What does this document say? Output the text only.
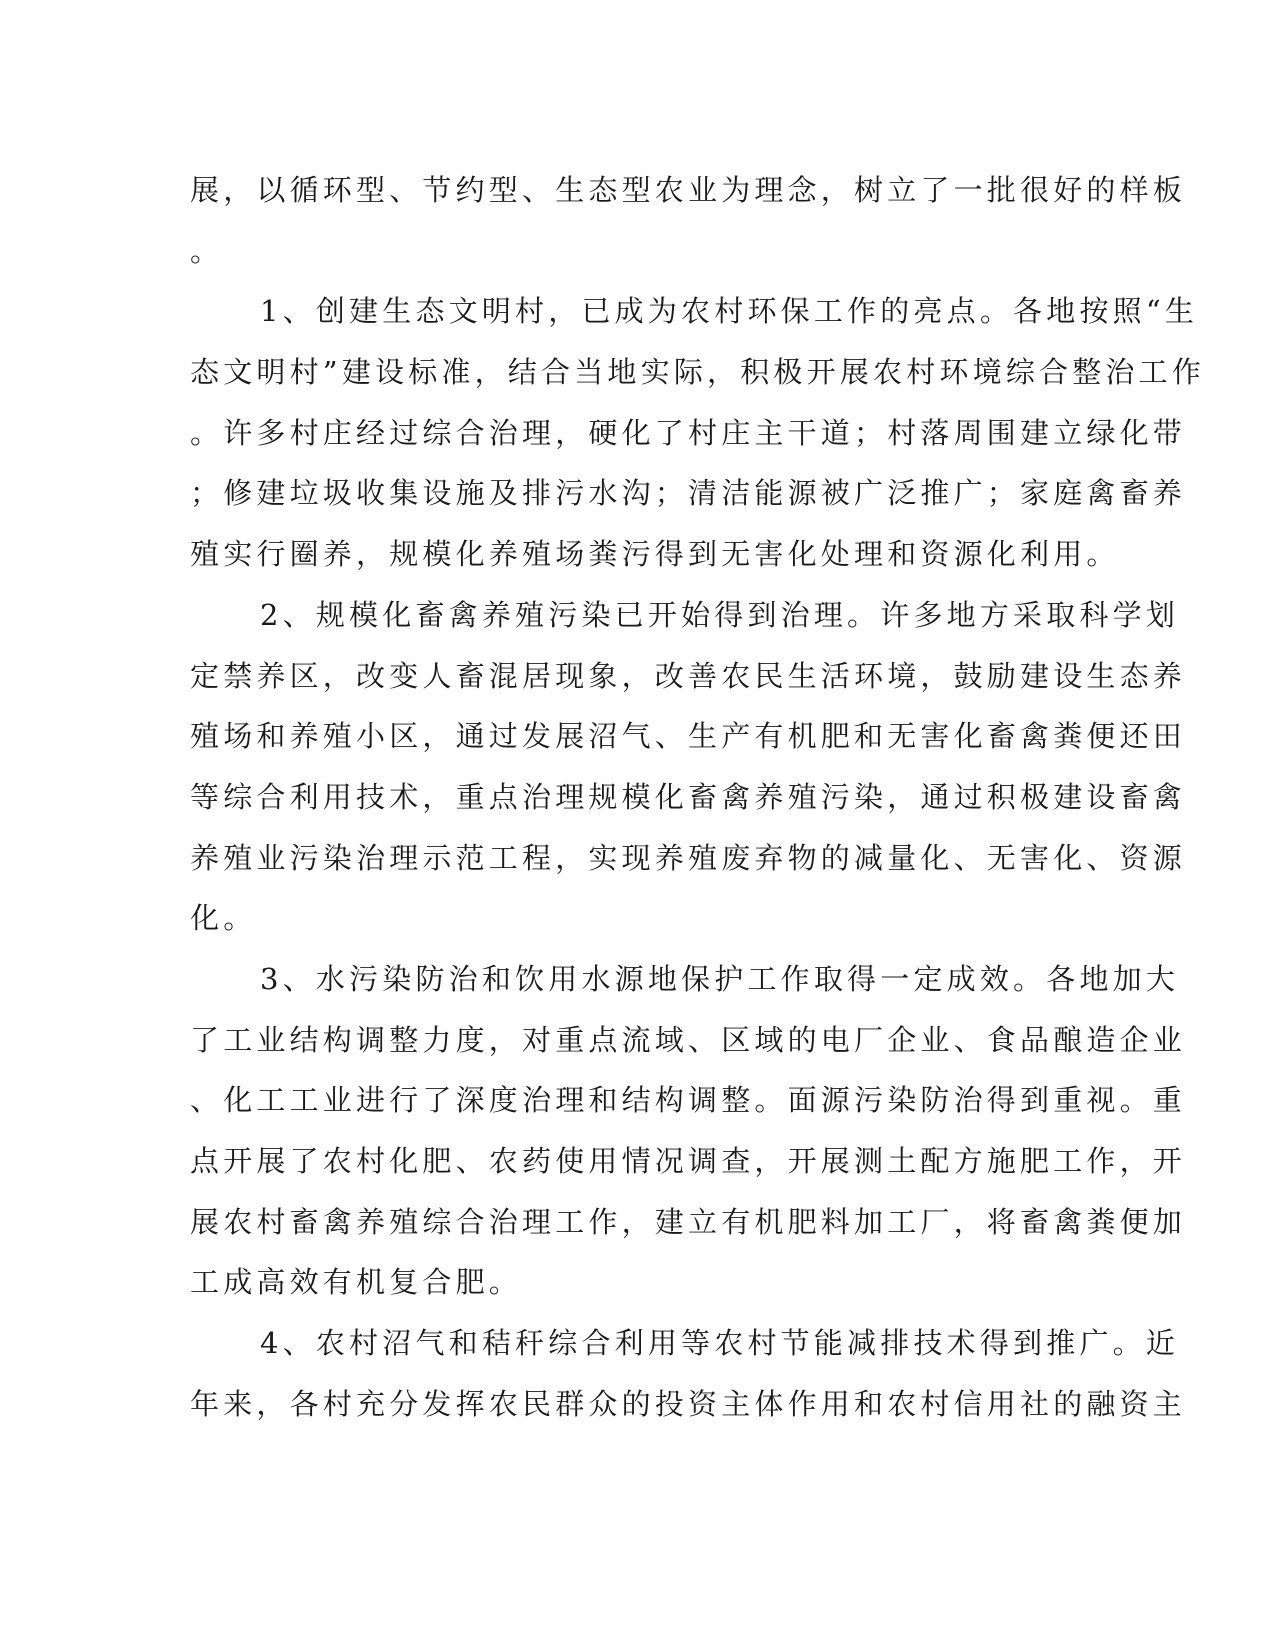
展，以循环型、节约型、生态型农业为理念，树立了一批很好的样板
。
1、创建生态文明村，已成为农村环保工作的亮点。各地按照“生
态文明村”建设标准，结合当地实际，积极开展农村环境综合整治工作
。许多村庄经过综合治理，硬化了村庄主干道；村落周围建立绿化带
；修建垃圾收集设施及排污水沟；清洁能源被广泛推广；家庭禽畜养
殖实行圈养，规模化养殖场粪污得到无害化处理和资源化利用。
2、规模化畜禽养殖污染已开始得到治理。许多地方采取科学划
定禁养区，改变人畜混居现象，改善农民生活环境，鼓励建设生态养
殖场和养殖小区，通过发展沼气、生产有机肥和无害化畜禽粪便还田
等综合利用技术，重点治理规模化畜禽养殖污染，通过积极建设畜禽
养殖业污染治理示范工程，实现养殖废弃物的减量化、无害化、资源
化。
3、水污染防治和饮用水源地保护工作取得一定成效。各地加大
了工业结构调整力度，对重点流域、区域的电厂企业、食品酿造企业
、化工工业进行了深度治理和结构调整。面源污染防治得到重视。重
点开展了农村化肥、农药使用情况调查，开展测土配方施肥工作，开
展农村畜禽养殖综合治理工作，建立有机肥料加工厂，将畜禽粪便加
工成高效有机复合肥。
4、农村沼气和秸秆综合利用等农村节能减排技术得到推广。近
年来，各村充分发挥农民群众的投资主体作用和农村信用社的融资主
